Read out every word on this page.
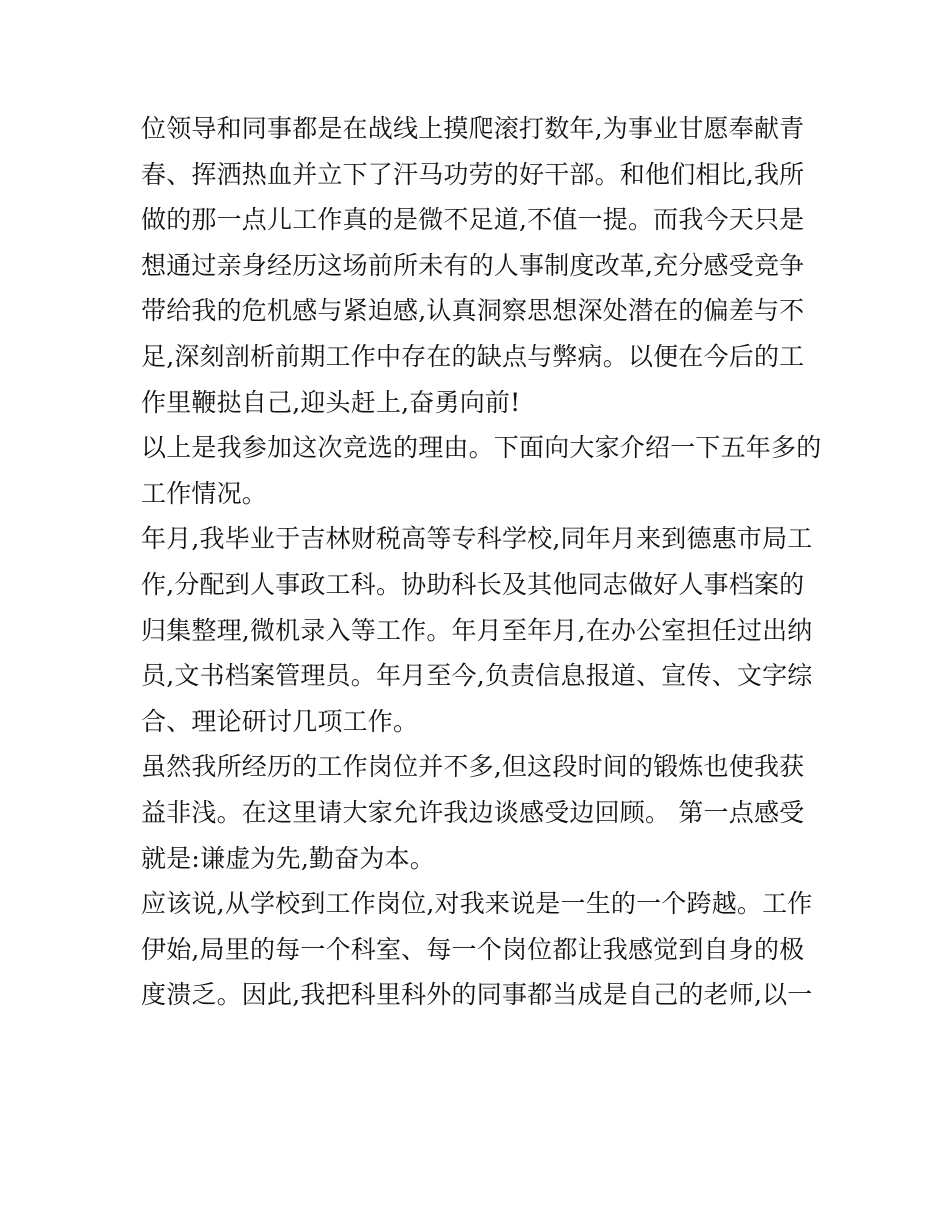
位领导和同事都是在战线上摸爬滚打数年,为事业甘愿奉献青
春、挥洒热血并立下了汗马功劳的好干部。和他们相比,我所
做的那一点儿工作真的是微不足道,不值一提。而我今天只是
想通过亲身经历这场前所未有的人事制度改革,充分感受竞争
带给我的危机感与紧迫感,认真洞察思想深处潜在的偏差与不
足,深刻剖析前期工作中存在的缺点与弊病。以便在今后的工
作里鞭挞自己,迎头赶上,奋勇向前!
以上是我参加这次竞选的理由。下面向大家介绍一下五年多的
工作情况。
年月,我毕业于吉林财税高等专科学校,同年月来到德惠市局工
作,分配到人事政工科。协助科长及其他同志做好人事档案的
归集整理,微机录入等工作。年月至年月,在办公室担任过出纳
员,文书档案管理员。年月至今,负责信息报道、宣传、文字综
合、理论研讨几项工作。
虽然我所经历的工作岗位并不多,但这段时间的锻炼也使我获
益非浅。在这里请大家允许我边谈感受边回顾。 第一点感受
就是:谦虚为先,勤奋为本。
应该说,从学校到工作岗位,对我来说是一生的一个跨越。工作
伊始,局里的每一个科室、每一个岗位都让我感觉到自身的极
度溃乏。因此,我把科里科外的同事都当成是自己的老师,以一
